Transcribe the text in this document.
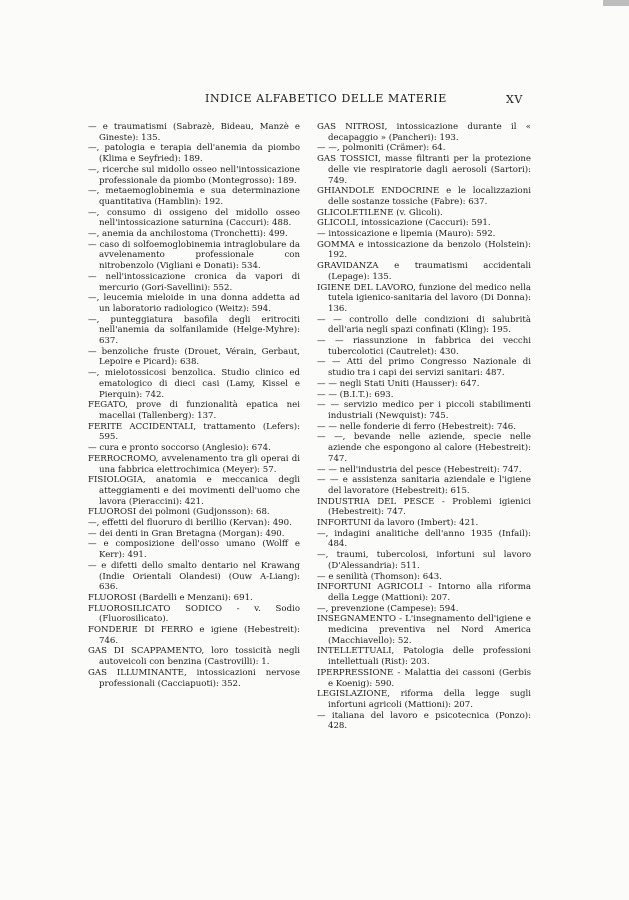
INDICE ALFABETICO DELLE MATERIE	XV

— e traumatismi (Sabrazè, Bideau, Manzè e Gineste): 135.

—, patologia e terapia dell'anemia da piombo (Klima e Seyfried): 189.

—, ricerche sul midollo osseo nell'intossicazione professionale da piombo (Montegrosso): 189.

—, metaemoglobinemia e sua determinazione quantitativa (Hamblin): 192.

—, consumo di ossigeno del midollo osseo nell'intossicazione saturnina (Caccuri): 488.

—, anemia da anchilostoma (Tronchetti): 499.

— caso di solfoemoglobinemia intraglobulare da avvelenamento professionale con nitrobenzolo (Vigliani e Donati): 534.

— nell'intossicazione cronica da vapori di mercurio (Gori-Savellini): 552.

—, leucemia mieloide in una donna addetta ad un laboratorio radiologico (Weitz): 594.

—, punteggiatura basofila degli eritrociti nell'anemia da solfanilamide (Helge-Myhre): 637.

— benzoliche fruste (Drouet, Vérain, Gerbaut, Lepoire e Picard): 638.

—, mielotossicosi benzolica. Studio clinico ed ematologico di dieci casi (Lamy, Kissel e Pierquin): 742.

FEGATO, prove di funzionalità epatica nei macellai (Tallenberg): 137.

FERITE ACCIDENTALI, trattamento (Lefers): 595.

— cura e pronto soccorso (Anglesio): 674.

FERROCROMO, avvelenamento tra gli operai di una fabbrica elettrochimica (Meyer): 57.

FISIOLOGIA, anatomia e meccanica degli atteggiamenti e dei movimenti dell'uomo che lavora (Pieraccini): 421.

FLUOROSI dei polmoni (Gudjonsson): 68.

—, effetti del fluoruro di berillio (Kervan): 490.

— dei denti in Gran Bretagna (Morgan): 490.

— e composizione dell'osso umano (Wolff e Kerr): 491.

— e difetti dello smalto dentario nel Krawang (Indie Orientali Olandesi) (Ouw A-Liang): 636.

FLUOROSI (Bardelli e Menzani): 691.

FLUOROSILICATO SODICO - v. Sodio (Fluorosilicato).

FONDERIE DI FERRO e igiene (Hebestreit): 746.

GAS DI SCAPPAMENTO, loro tossicità negli autoveicoli con benzina (Castrovilli): 1.

GAS ILLUMINANTE, intossicazioni nervose professionali (Cacciapuoti): 352.

GAS NITROSI, intossicazione durante il « decapaggio » (Pancheri): 193.

— —, polmoniti (Crämer): 64.

GAS TOSSICI, masse filtranti per la protezione delle vie respiratorie dagli aerosoli (Sartori): 749.

GHIANDOLE ENDOCRINE e le localizzazioni delle sostanze tossiche (Fabre): 637.

GLICOLETILENE (v. Glicoli).

GLICOLI, intossicazione (Caccuri): 591.

— intossicazione e lipemia (Mauro): 592.

GOMMA e intossicazione da benzolo (Holstein): 192.

GRAVIDANZA e traumatismi accidentali (Lepage): 135.

IGIENE DEL LAVORO, funzione del medico nella tutela igienico-sanitaria del lavoro (Di Donna): 136.

— — controllo delle condizioni di salubrità dell'aria negli spazi confinati (Kling): 195.

— — riassunzione in fabbrica dei vecchi tubercolotici (Cautrelet): 430.

— — Atti del primo Congresso Nazionale di studio tra i capi dei servizi sanitari: 487.

— — negli Stati Uniti (Hausser): 647.

— — (B.I.T.): 693.

— — servizio medico per i piccoli stabilimenti industriali (Newquist): 745.

— — nelle fonderie di ferro (Hebestreit): 746.

— —, bevande nelle aziende, specie nelle aziende che espongono al calore (Hebestreit): 747.

— — nell'industria del pesce (Hebestreit): 747.

— — e assistenza sanitaria aziendale e l'igiene del lavoratore (Hebestreit): 615.

INDUSTRIA DEL PESCE - Problemi igienici (Hebestreit): 747.

INFORTUNI da lavoro (Imbert): 421.

—, indagini analitiche dell'anno 1935 (Infail): 484.

—, traumi, tubercolosi, infortuni sul lavoro (D'Alessandria): 511.

— e senilità (Thomson): 643.

INFORTUNI AGRICOLI - Intorno alla riforma della Legge (Mattioni): 207.

—, prevenzione (Campese): 594.

INSEGNAMENTO - L'insegnamento dell'igiene e medicina preventiva nel Nord America (Macchiavello): 52.

INTELLETTUALI, Patologia delle professioni intellettuali (Rist): 203.

IPERPRESSIONE - Malattia dei cassoni (Gerbis e Koenig): 590.

LEGISLAZIONE, riforma della legge sugli infortuni agricoli (Mattioni): 207.

— italiana del lavoro e psicotecnica (Ponzo): 428.
